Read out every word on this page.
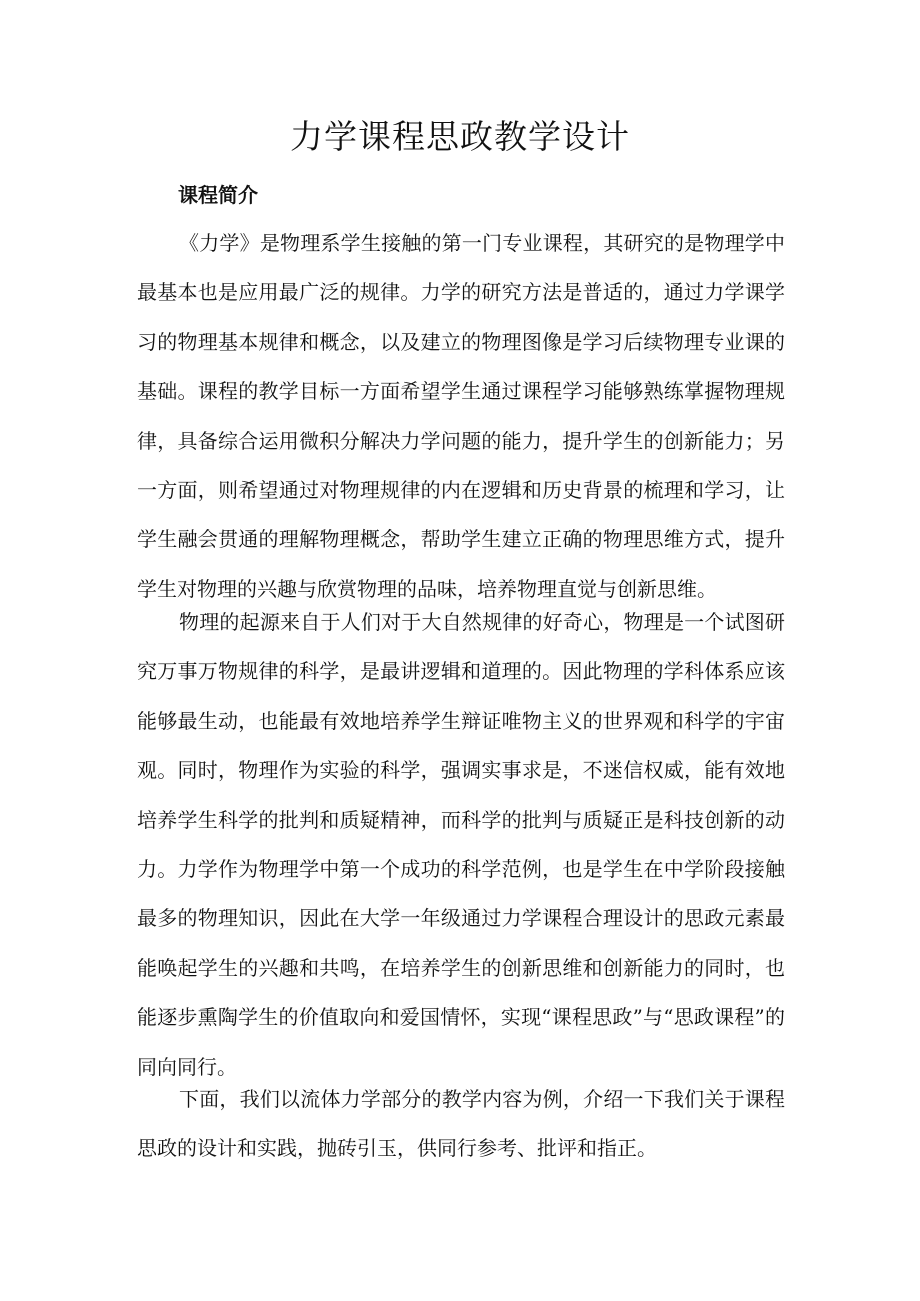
力学课程思政教学设计
课程简介

《力学》是物理系学生接触的第一门专业课程，其研究的是物理学中最基本也是应用最广泛的规律。力学的研究方法是普适的，通过力学课学习的物理基本规律和概念，以及建立的物理图像是学习后续物理专业课的基础。课程的教学目标一方面希望学生通过课程学习能够熟练掌握物理规律，具备综合运用微积分解决力学问题的能力，提升学生的创新能力；另一方面，则希望通过对物理规律的内在逻辑和历史背景的梳理和学习，让学生融会贯通的理解物理概念，帮助学生建立正确的物理思维方式，提升学生对物理的兴趣与欣赏物理的品味，培养物理直觉与创新思维。

物理的起源来自于人们对于大自然规律的好奇心，物理是一个试图研究万事万物规律的科学，是最讲逻辑和道理的。因此物理的学科体系应该能够最生动，也能最有效地培养学生辩证唯物主义的世界观和科学的宇宙观。同时，物理作为实验的科学，强调实事求是，不迷信权威，能有效地培养学生科学的批判和质疑精神，而科学的批判与质疑正是科技创新的动力。力学作为物理学中第一个成功的科学范例，也是学生在中学阶段接触最多的物理知识，因此在大学一年级通过力学课程合理设计的思政元素最能唤起学生的兴趣和共鸣，在培养学生的创新思维和创新能力的同时，也能逐步熏陶学生的价值取向和爱国情怀，实现“课程思政”与“思政课程”的同向同行。

下面，我们以流体力学部分的教学内容为例，介绍一下我们关于课程思政的设计和实践，抛砖引玉，供同行参考、批评和指正。
